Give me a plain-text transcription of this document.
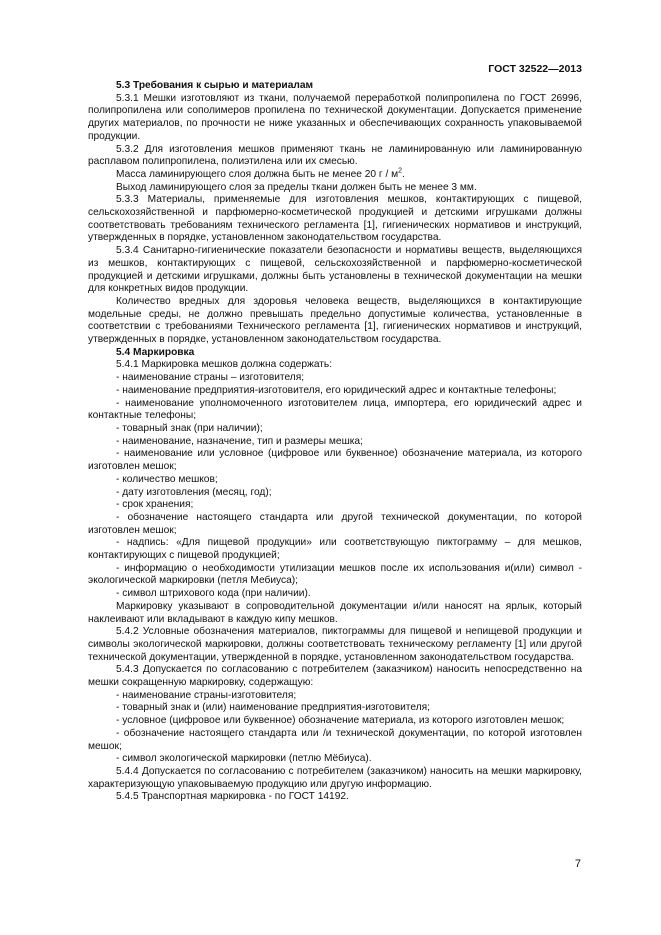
ГОСТ 32522—2013

5.3 Требования к сырью и материалам

5.3.1 Мешки изготовляют из ткани, получаемой переработкой полипропилена по ГОСТ 26996, полипропилена или сополимеров пропилена по технической документации. Допускается применение других материалов, по прочности не ниже указанных и обеспечивающих сохранность упаковываемой продукции.

5.3.2 Для изготовления мешков применяют ткань не ламинированную или ламинированную расплавом полипропилена, полиэтилена или их смесью.

Масса ламинирующего слоя должна быть не менее 20 г / $м^2$.

Выход ламинирующего слоя за пределы ткани должен быть не менее 3 мм.

5.3.3 Материалы, применяемые для изготовления мешков, контактирующих с пищевой, сельскохозяйственной и парфюмерно-косметической продукцией и детскими игрушками должны соответствовать требованиям технического регламента [1], гигиенических нормативов и инструкций, утвержденных в порядке, установленном законодательством государства.

5.3.4 Санитарно-гигиенические показатели безопасности и нормативы веществ, выделяющихся из мешков, контактирующих с пищевой, сельскохозяйственной и парфюмерно-косметической продукцией и детскими игрушками, должны быть установлены в технической документации на мешки для конкретных видов продукции.

Количество вредных для здоровья человека веществ, выделяющихся в контактирующие модельные среды, не должно превышать предельно допустимые количества, установленные в соответствии с требованиями Технического регламента [1], гигиенических нормативов и инструкций, утвержденных в порядке, установленном законодательством государства.

5.4 Маркировка

5.4.1 Маркировка мешков должна содержать:

- наименование страны – изготовителя;

- наименование предприятия-изготовителя, его юридический адрес и контактные телефоны;

- наименование уполномоченного изготовителем лица, импортера, его юридический адрес и контактные телефоны;

- товарный знак (при наличии);

- наименование, назначение, тип и размеры мешка;

- наименование или условное (цифровое или буквенное) обозначение материала, из которого изготовлен мешок;

- количество мешков;

- дату изготовления (месяц, год);

- срок хранения;

- обозначение настоящего стандарта или другой технической документации, по которой изготовлен мешок;

- надпись: «Для пищевой продукции» или соответствующую пиктограмму – для мешков, контактирующих с пищевой продукцией;

- информацию о необходимости утилизации мешков после их использования и(или) символ - экологической маркировки (петля Мебиуса);

- символ штрихового кода (при наличии).

Маркировку указывают в сопроводительной документации и/или наносят на ярлык, который наклеивают или вкладывают в каждую кипу мешков.

5.4.2 Условные обозначения материалов, пиктограммы для пищевой и непищевой продукции и символы экологической маркировки, должны соответствовать техническому регламенту [1] или другой технической документации, утвержденной в порядке, установленном законодательством государства.

5.4.3 Допускается по согласованию с потребителем (заказчиком) наносить непосредственно на мешки сокращенную маркировку, содержащую:

- наименование страны-изготовителя;

- товарный знак и (или) наименование предприятия-изготовителя;

- условное (цифровое или буквенное) обозначение материала, из которого изготовлен мешок;

- обозначение настоящего стандарта или /и технической документации, по которой изготовлен мешок;

- символ экологической маркировки (петлю Мёбиуса).

5.4.4 Допускается по согласованию с потребителем (заказчиком) наносить на мешки маркировку, характеризующую упаковываемую продукцию или другую информацию.

5.4.5 Транспортная маркировка - по ГОСТ 14192.

7
